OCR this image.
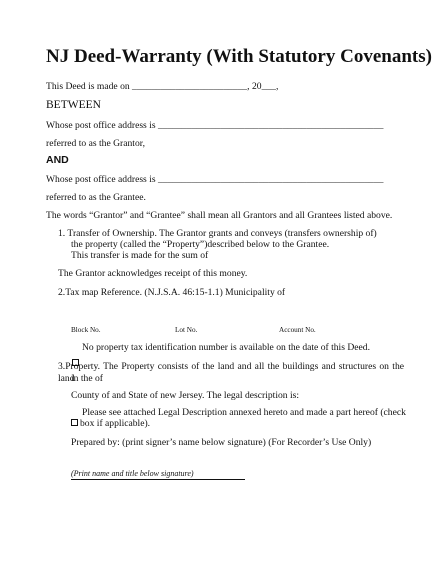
NJ Deed-Warranty (With Statutory Covenants)
This Deed is made on ________________________, 20___,
BETWEEN
Whose post office address is _______________________________________________
referred to as the Grantor,
AND
Whose post office address is _______________________________________________
referred to as the Grantee.
The words “Grantor” and “Grantee” shall mean all Grantors and all Grantees listed above.
1. Transfer of Ownership. The Grantor grants and conveys (transfers ownership of)
the property (called the “Property”)described below to the Grantee.
This transfer is made for the sum of
The Grantor acknowledges receipt of this money.
2.Tax map Reference. (N.J.S.A. 46:15-1.1) Municipality of
Block No.	Lot No.	Account No.
No property tax identification number is available on the date of this Deed.
3.Property. The Property consists of the land and all the buildings and structures on the land
in the of
County of and State of new Jersey. The legal description is:
Please see attached Legal Description annexed hereto and made a part hereof (check
box if applicable).
Prepared by: (print signer’s name below signature) (For Recorder’s Use Only)
(Print name and title below signature)
